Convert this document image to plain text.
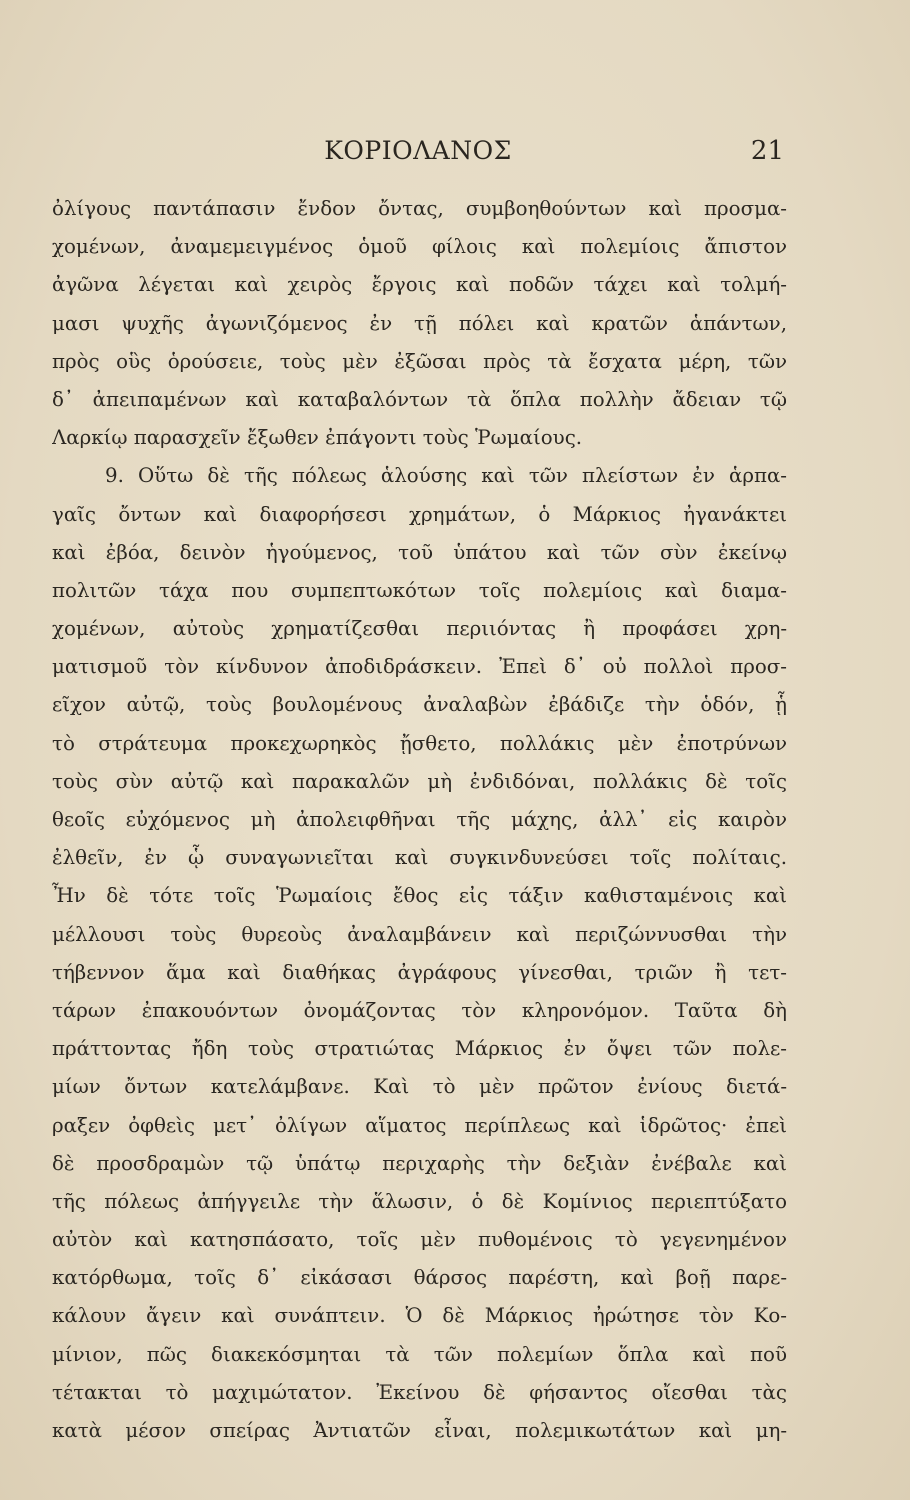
ΚΟΡΙΟΛΑΝΟΣ	21
ὀλίγους παντάπασιν ἔνδον ὄντας, συμβοηθούντων καὶ προσμα-
χομένων, ἀναμεμειγμένος ὁμοῦ φίλοις καὶ πολεμίοις ἄπιστον
ἀγῶνα λέγεται καὶ χειρὸς ἔργοις καὶ ποδῶν τάχει καὶ τολμή-
μασι ψυχῆς ἀγωνιζόμενος ἐν τῇ πόλει καὶ κρατῶν ἁπάντων,
πρὸς οὓς ὁρούσειε, τοὺς μὲν ἐξῶσαι πρὸς τὰ ἔσχατα μέρη, τῶν
δ᾽ ἀπειπαμένων καὶ καταβαλόντων τὰ ὅπλα πολλὴν ἄδειαν τῷ
Λαρκίῳ παρασχεῖν ἔξωθεν ἐπάγοντι τοὺς Ῥωμαίους.
9. Οὕτω δὲ τῆς πόλεως ἁλούσης καὶ τῶν πλείστων ἐν ἁρπα-
γαῖς ὄντων καὶ διαφορήσεσι χρημάτων, ὁ Μάρκιος ἠγανάκτει
καὶ ἐβόα, δεινὸν ἡγούμενος, τοῦ ὑπάτου καὶ τῶν σὺν ἐκείνῳ
πολιτῶν τάχα που συμπεπτωκότων τοῖς πολεμίοις καὶ διαμα-
χομένων, αὐτοὺς χρηματίζεσθαι περιιόντας ἢ προφάσει χρη-
ματισμοῦ τὸν κίνδυνον ἀποδιδράσκειν. Ἐπεὶ δ᾽ οὐ πολλοὶ προσ-
εῖχον αὐτῷ, τοὺς βουλομένους ἀναλαβὼν ἐβάδιζε τὴν ὁδόν, ᾗ
τὸ στράτευμα προκεχωρηκὸς ᾔσθετο, πολλάκις μὲν ἐποτρύνων
τοὺς σὺν αὐτῷ καὶ παρακαλῶν μὴ ἐνδιδόναι, πολλάκις δὲ τοῖς
θεοῖς εὐχόμενος μὴ ἀπολειφθῆναι τῆς μάχης, ἀλλ᾽ εἰς καιρὸν
ἐλθεῖν, ἐν ᾧ συναγωνιεῖται καὶ συγκινδυνεύσει τοῖς πολίταις.
Ἦν δὲ τότε τοῖς Ῥωμαίοις ἔθος εἰς τάξιν καθισταμένοις καὶ
μέλλουσι τοὺς θυρεοὺς ἀναλαμβάνειν καὶ περιζώννυσθαι τὴν
τήβεννον ἅμα καὶ διαθήκας ἀγράφους γίνεσθαι, τριῶν ἢ τετ-
τάρων ἐπακουόντων ὀνομάζοντας τὸν κληρονόμον. Ταῦτα δὴ
πράττοντας ἤδη τοὺς στρατιώτας Μάρκιος ἐν ὄψει τῶν πολε-
μίων ὄντων κατελάμβανε. Καὶ τὸ μὲν πρῶτον ἐνίους διετά-
ραξεν ὀφθεὶς μετ᾽ ὀλίγων αἵματος περίπλεως καὶ ἱδρῶτος· ἐπεὶ
δὲ προσδραμὼν τῷ ὑπάτῳ περιχαρὴς τὴν δεξιὰν ἐνέβαλε καὶ
τῆς πόλεως ἀπήγγειλε τὴν ἅλωσιν, ὁ δὲ Κομίνιος περιεπτύξατο
αὐτὸν καὶ κατησπάσατο, τοῖς μὲν πυθομένοις τὸ γεγενημένον
κατόρθωμα, τοῖς δ᾽ εἰκάσασι θάρσος παρέστη, καὶ βοῇ παρε-
κάλουν ἄγειν καὶ συνάπτειν. Ὁ δὲ Μάρκιος ἠρώτησε τὸν Κο-
μίνιον, πῶς διακεκόσμηται τὰ τῶν πολεμίων ὅπλα καὶ ποῦ
τέτακται τὸ μαχιμώτατον. Ἐκείνου δὲ φήσαντος οἴεσθαι τὰς
κατὰ μέσον σπείρας Ἀντιατῶν εἶναι, πολεμικωτάτων καὶ μη-
